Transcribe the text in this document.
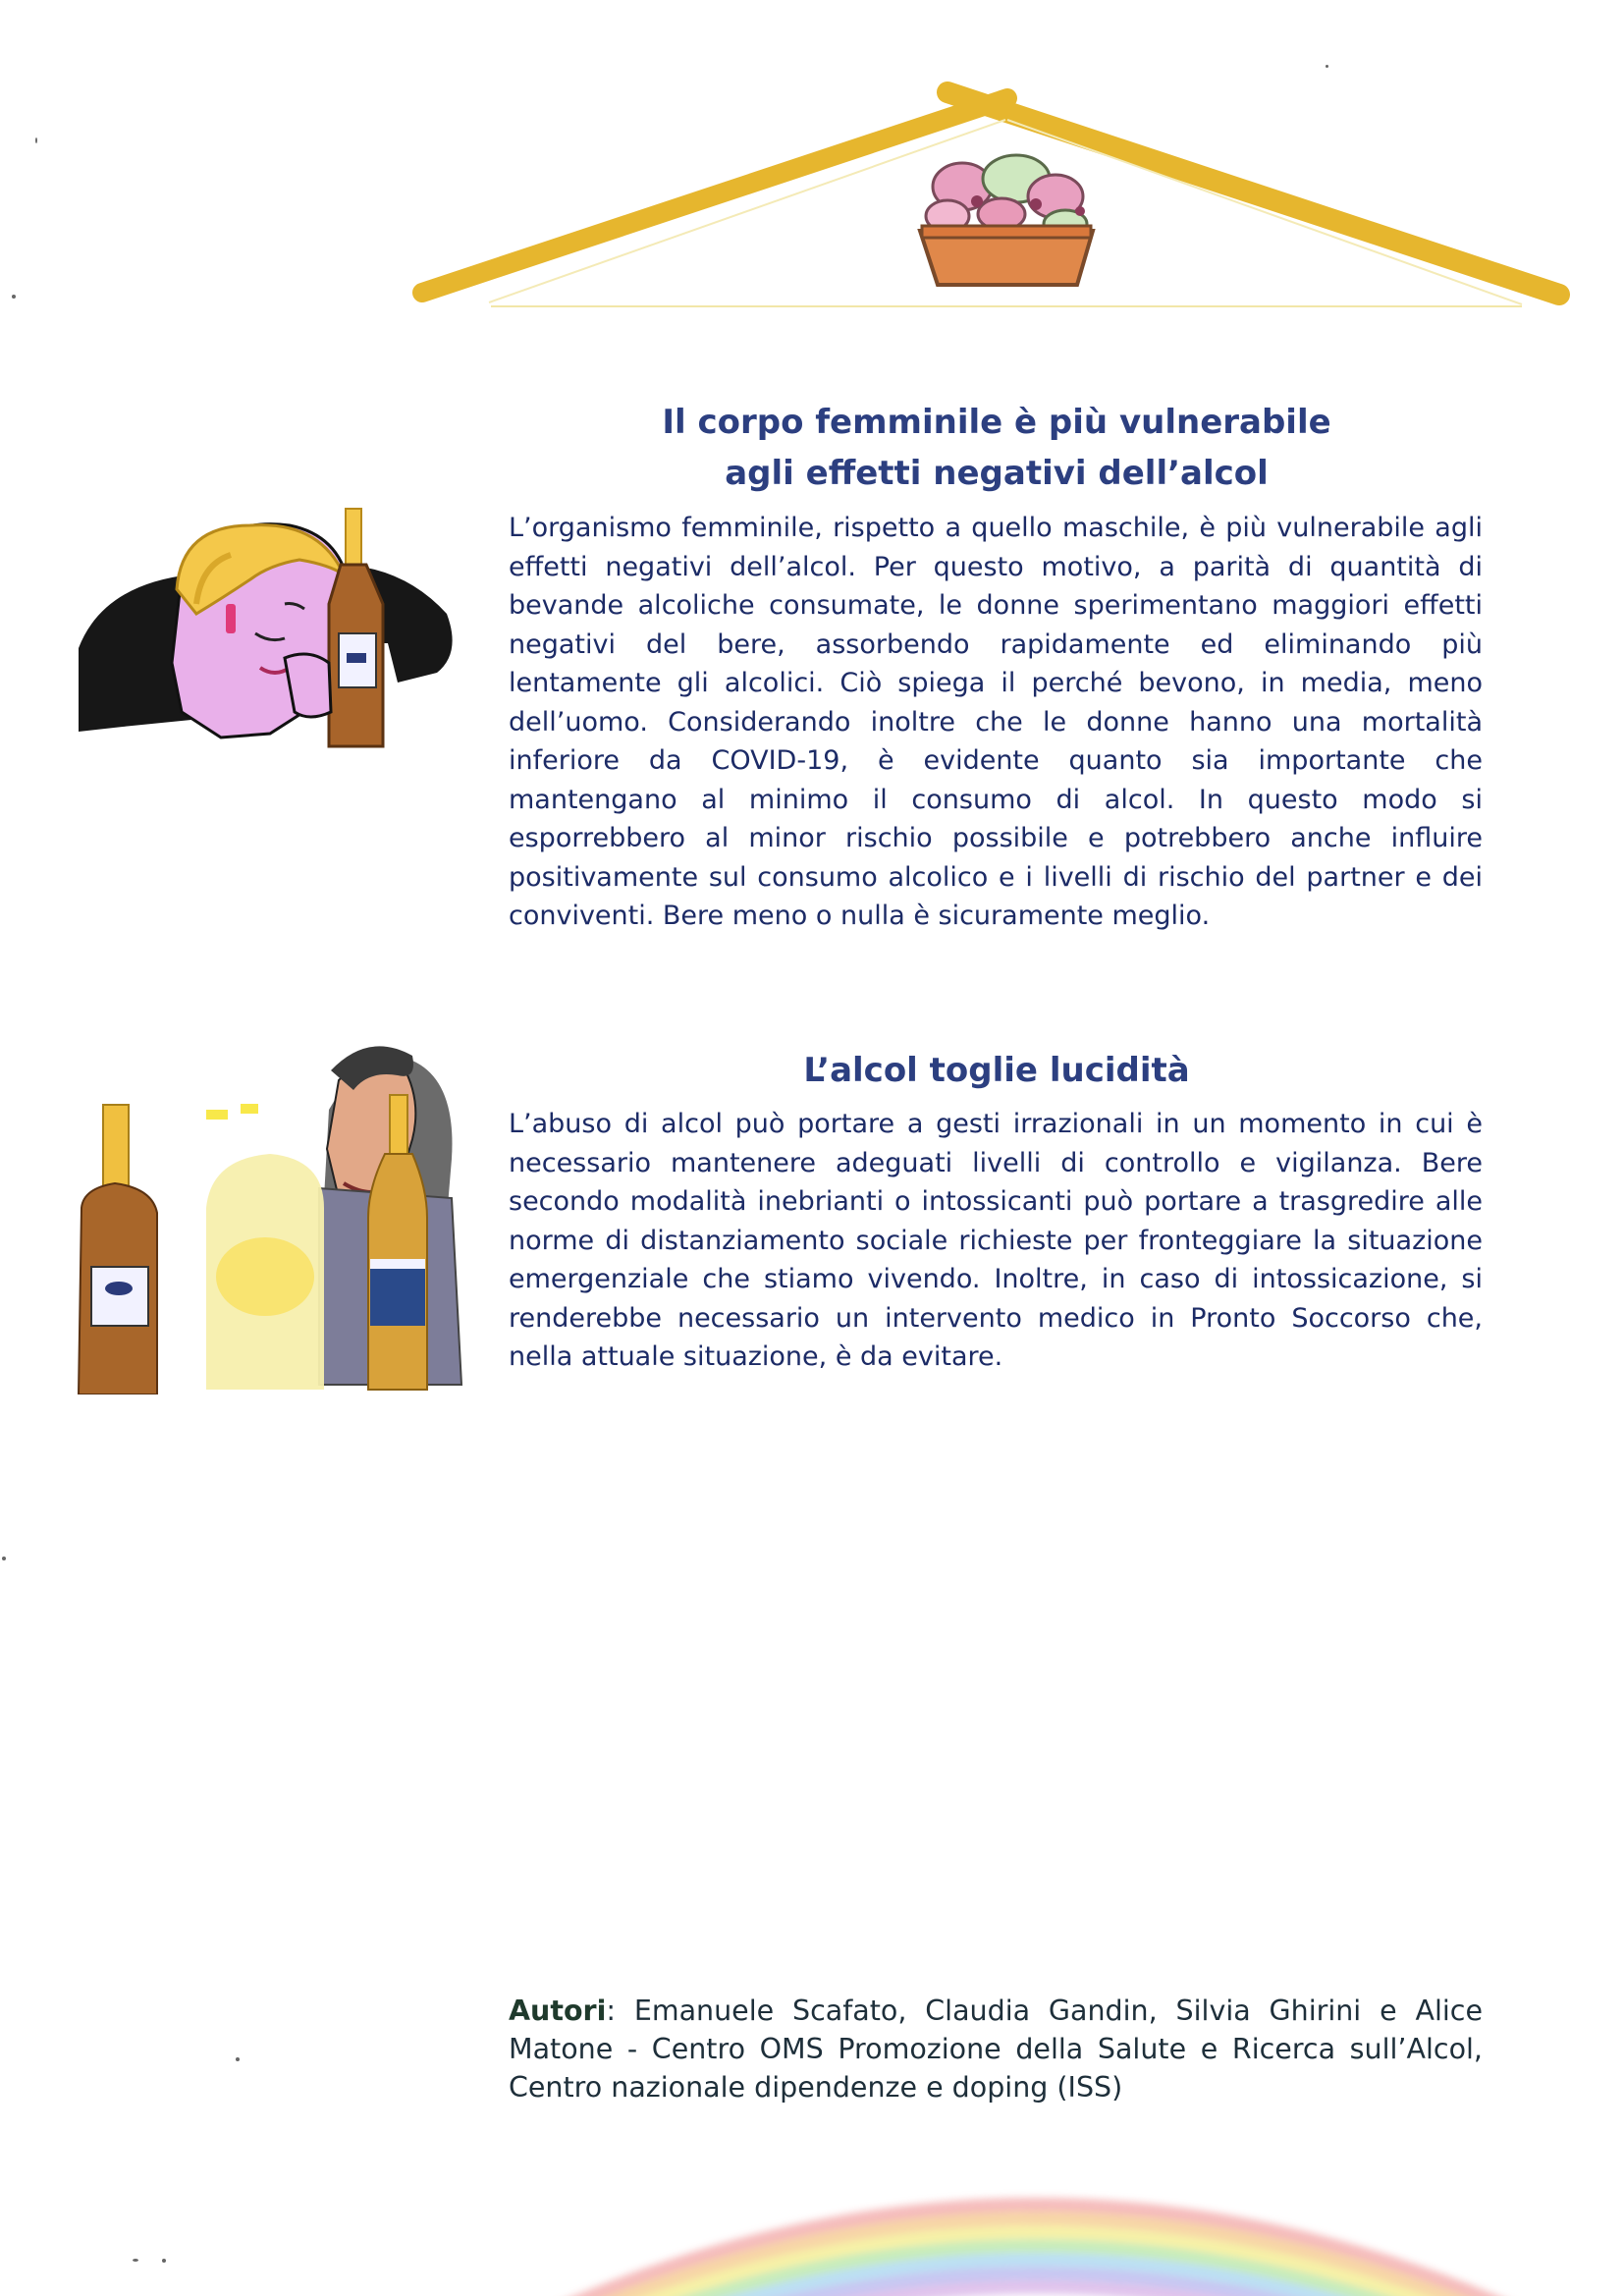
Il corpo femminile è più vulnerabile
agli effetti negativi dell’alcol

L’organismo femminile, rispetto a quello maschile, è più vulnerabile agli effetti negativi dell’alcol. Per questo motivo, a parità di quantità di bevande alcoliche consumate, le donne sperimentano maggiori effetti negativi del bere, assorbendo rapidamente ed eliminando più lentamente gli alcolici. Ciò spiega il perché bevono, in media, meno dell’uomo. Considerando inoltre che le donne hanno una mortalità inferiore da COVID-19, è evidente quanto sia importante che mantengano al minimo il consumo di alcol. In questo modo si esporrebbero al minor rischio possibile e potrebbero anche influire positivamente sul consumo alcolico e i livelli di rischio del partner e dei conviventi. Bere meno o nulla è sicuramente meglio.

L’alcol toglie lucidità

L’abuso di alcol può portare a gesti irrazionali in un momento in cui è necessario mantenere adeguati livelli di controllo e vigilanza. Bere secondo modalità inebrianti o intossicanti può portare a trasgredire alle norme di distanziamento sociale richieste per fronteggiare la situazione emergenziale che stiamo vivendo. Inoltre, in caso di intossicazione, si renderebbe necessario un intervento medico in Pronto Soccorso che, nella attuale situazione, è da evitare.

Autori: Emanuele Scafato, Claudia Gandin, Silvia Ghirini e Alice Matone - Centro OMS Promozione della Salute e Ricerca sull’Alcol, Centro nazionale dipendenze e doping (ISS)
